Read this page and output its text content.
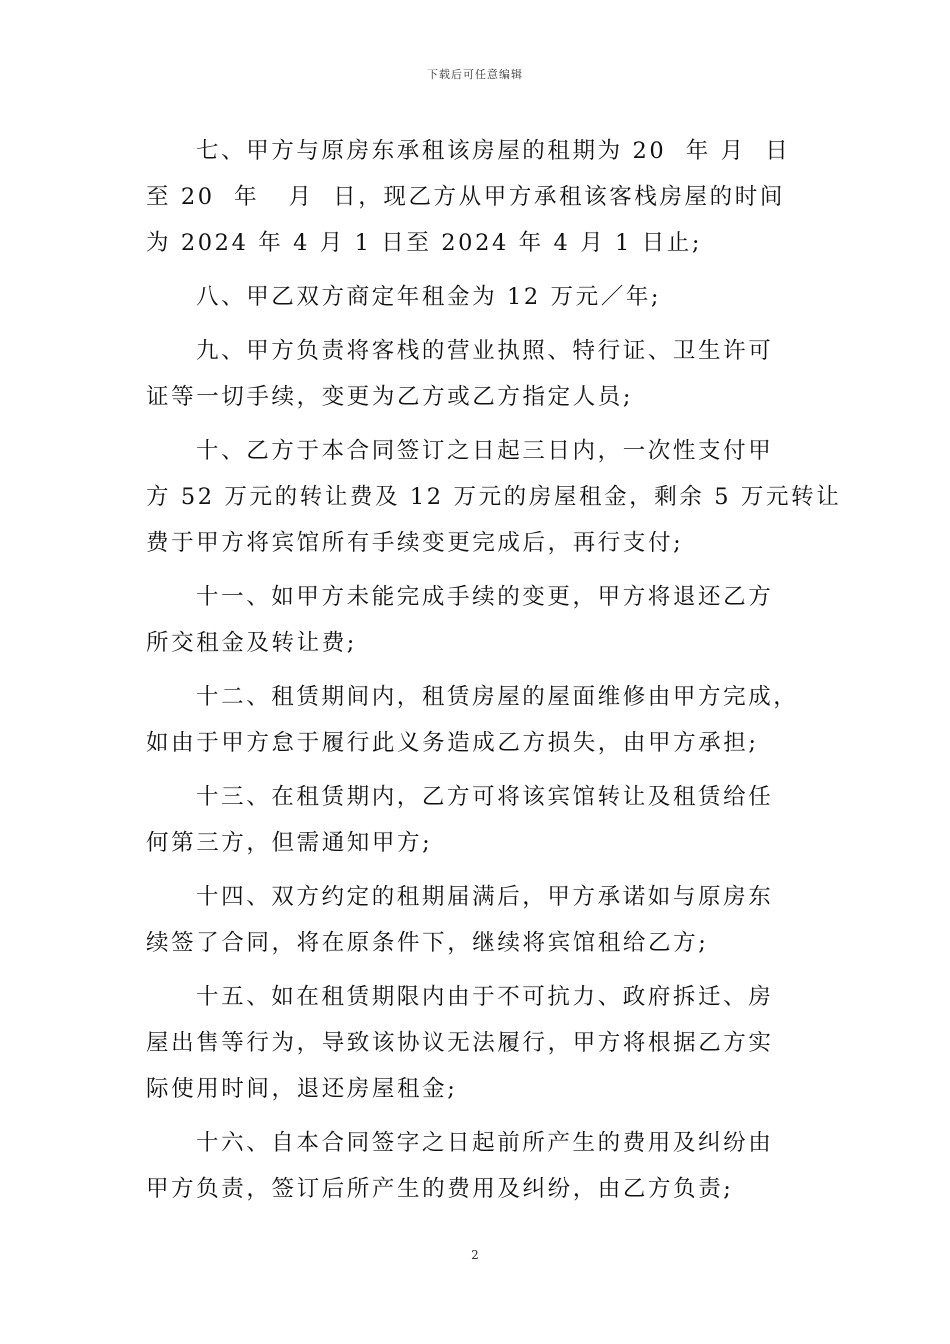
下载后可任意编辑
七、甲方与原房东承租该房屋的租期为 20  年 月  日
至 20  年   月  日，现乙方从甲方承租该客栈房屋的时间
为 2024 年 4 月 1 日至 2024 年 4 月 1 日止;
八、甲乙双方商定年租金为 12 万元／年;
九、甲方负责将客栈的营业执照、特行证、卫生许可
证等一切手续，变更为乙方或乙方指定人员;
十、乙方于本合同签订之日起三日内，一次性支付甲
方 52 万元的转让费及 12 万元的房屋租金，剩余 5 万元转让
费于甲方将宾馆所有手续变更完成后，再行支付;
十一、如甲方未能完成手续的变更，甲方将退还乙方
所交租金及转让费;
十二、租赁期间内，租赁房屋的屋面维修由甲方完成，
如由于甲方怠于履行此义务造成乙方损失，由甲方承担;
十三、在租赁期内，乙方可将该宾馆转让及租赁给任
何第三方，但需通知甲方;
十四、双方约定的租期届满后，甲方承诺如与原房东
续签了合同，将在原条件下，继续将宾馆租给乙方;
十五、如在租赁期限内由于不可抗力、政府拆迁、房
屋出售等行为，导致该协议无法履行，甲方将根据乙方实
际使用时间，退还房屋租金;
十六、自本合同签字之日起前所产生的费用及纠纷由
甲方负责，签订后所产生的费用及纠纷，由乙方负责;
2
